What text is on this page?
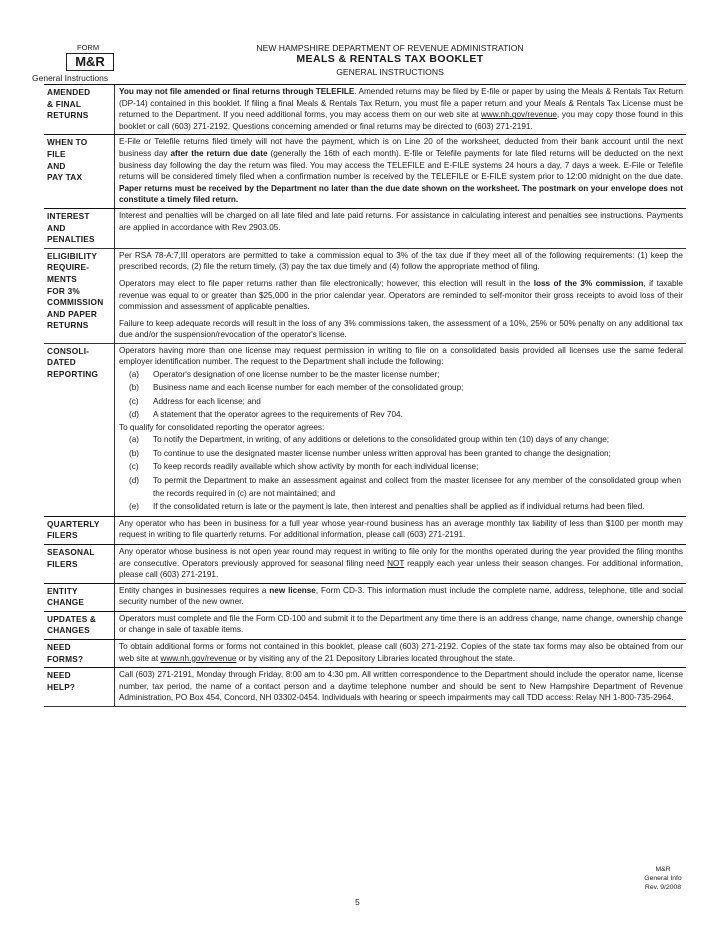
FORM
M&R
General Instructions
NEW HAMPSHIRE DEPARTMENT OF REVENUE ADMINISTRATION
MEALS & RENTALS TAX BOOKLET
GENERAL INSTRUCTIONS
AMENDED
& FINAL
RETURNS

You may not file amended or final returns through TELEFILE. Amended returns may be filed by E-file or paper by using the Meals & Rentals Tax Return (DP-14) contained in this booklet. If filing a final Meals & Rentals Tax Return, you must file a paper return and your Meals & Rentals Tax License must be returned to the Department. If you need additional forms, you may access them on our web site at www.nh.gov/revenue, you may copy those found in this booklet or call (603) 271-2192. Questions concerning amended or final returns may be directed to (603) 271-2191.

WHEN TO
FILE
AND
PAY TAX

E-File or Telefile returns filed timely will not have the payment, which is on Line 20 of the worksheet, deducted from their bank account until the next business day after the return due date (generally the 16th of each month). E-file or Telefile payments for late filed returns will be deducted on the next business day following the day the return was filed. You may access the TELEFILE and E-FILE systems 24 hours a day, 7 days a week. E-File or Telefile returns will be considered timely filed when a confirmation number is received by the TELEFILE or E-FILE system prior to 12:00 midnight on the due date. Paper returns must be received by the Department no later than the due date shown on the worksheet. The postmark on your envelope does not constitute a timely filed return.

INTEREST
AND
PENALTIES

Interest and penalties will be charged on all late filed and late paid returns. For assistance in calculating interest and penalties see instructions. Payments are applied in accordance with Rev 2903.05.

ELIGIBILITY
REQUIRE-
MENTS
FOR 3%
COMMISSION
AND PAPER
RETURNS

Per RSA 78-A:7,III operators are permitted to take a commission equal to 3% of the tax due if they meet all of the following requirements: (1) keep the prescribed records, (2) file the return timely, (3) pay the tax due timely and (4) follow the appropriate method of filing.

Operators may elect to file paper returns rather than file electronically; however, this election will result in the loss of the 3% commission, if taxable revenue was equal to or greater than $25,000 in the prior calendar year. Operators are reminded to self-monitor their gross receipts to avoid loss of their commission and assessment of applicable penalties.

Failure to keep adequate records will result in the loss of any 3% commissions taken, the assessment of a 10%, 25% or 50% penalty on any additional tax due and/or the suspension/revocation of the operator's license.

CONSOLI-
DATED
REPORTING

Operators having more than one license may request permission in writing to file on a consolidated basis provided all licenses use the same federal employer identification number. The request to the Department shall include the following:

(a)	Operator's designation of one license number to be the master license number;
(b)	Business name and each license number for each member of the consolidated group;
(c)	Address for each license; and
(d)	A statement that the operator agrees to the requirements of Rev 704.

To qualify for consolidated reporting the operator agrees:

(a)	To notify the Department, in writing, of any additions or deletions to the consolidated group within ten (10) days of any change;
(b)	To continue to use the designated master license number unless written approval has been granted to change the designation;
(c)	To keep records readily available which show activity by month for each individual license;
(d)	To permit the Department to make an assessment against and collect from the master licensee for any member of the consolidated group when the records required in (c) are not maintained; and
(e)	If the consolidated return is late or the payment is late, then interest and penalties shall be applied as if individual returns had been filed.
QUARTERLY
FILERS

Any operator who has been in business for a full year whose year-round business has an average monthly tax liability of less than $100 per month may request in writing to file quarterly returns. For additional information, please call (603) 271-2191.

SEASONAL
FILERS

Any operator whose business is not open year round may request in writing to file only for the months operated during the year provided the filing months are consecutive. Operators previously approved for seasonal filing need NOT reapply each year unless their season changes. For additional information, please call (603) 271-2191.

ENTITY
CHANGE

Entity changes in businesses requires a new license, Form CD-3. This information must include the complete name, address, telephone, title and social security number of the new owner.

UPDATES &
CHANGES

Operators must complete and file the Form CD-100 and submit it to the Department any time there is an address change, name change, ownership change or change in sale of taxable items.

NEED
FORMS?

To obtain additional forms or forms not contained in this booklet, please call (603) 271-2192. Copies of the state tax forms may also be obtained from our web site at www.nh.gov/revenue or by visiting any of the 21 Depository Libraries located throughout the state.

NEED
HELP?

Call (603) 271-2191, Monday through Friday, 8:00 am to 4:30 pm. All written correspondence to the Department should include the operator name, license number, tax period, the name of a contact person and a daytime telephone number and should be sent to New Hampshire Department of Revenue Administration, PO Box 454, Concord, NH 03302-0454. Individuals with hearing or speech impairments may call TDD access: Relay NH 1-800-735-2964.

M&R
General Info
Rev. 9/2008
5
